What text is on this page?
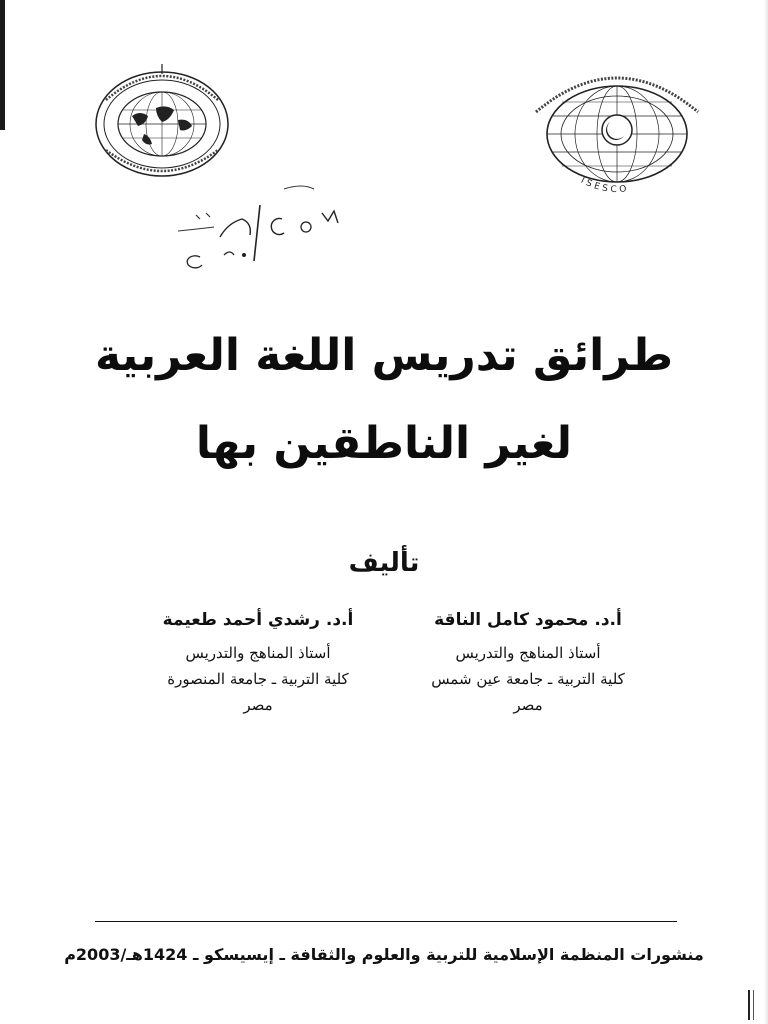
ISESCO
طرائق تدريس اللغة العربية
لغير الناطقين بها
تأليف

أ.د. محمود كامل الناقة

أستاذ المناهج والتدريس

كلية التربية ـ جامعة عين شمس

مصر

أ.د. رشدي أحمد طعيمة

أستاذ المناهج والتدريس

كلية التربية ـ جامعة المنصورة

مصر

منشورات المنظمة الإسلامية للتربية والعلوم والثقافة ـ إيسيسكو ـ 1424هـ/2003م
